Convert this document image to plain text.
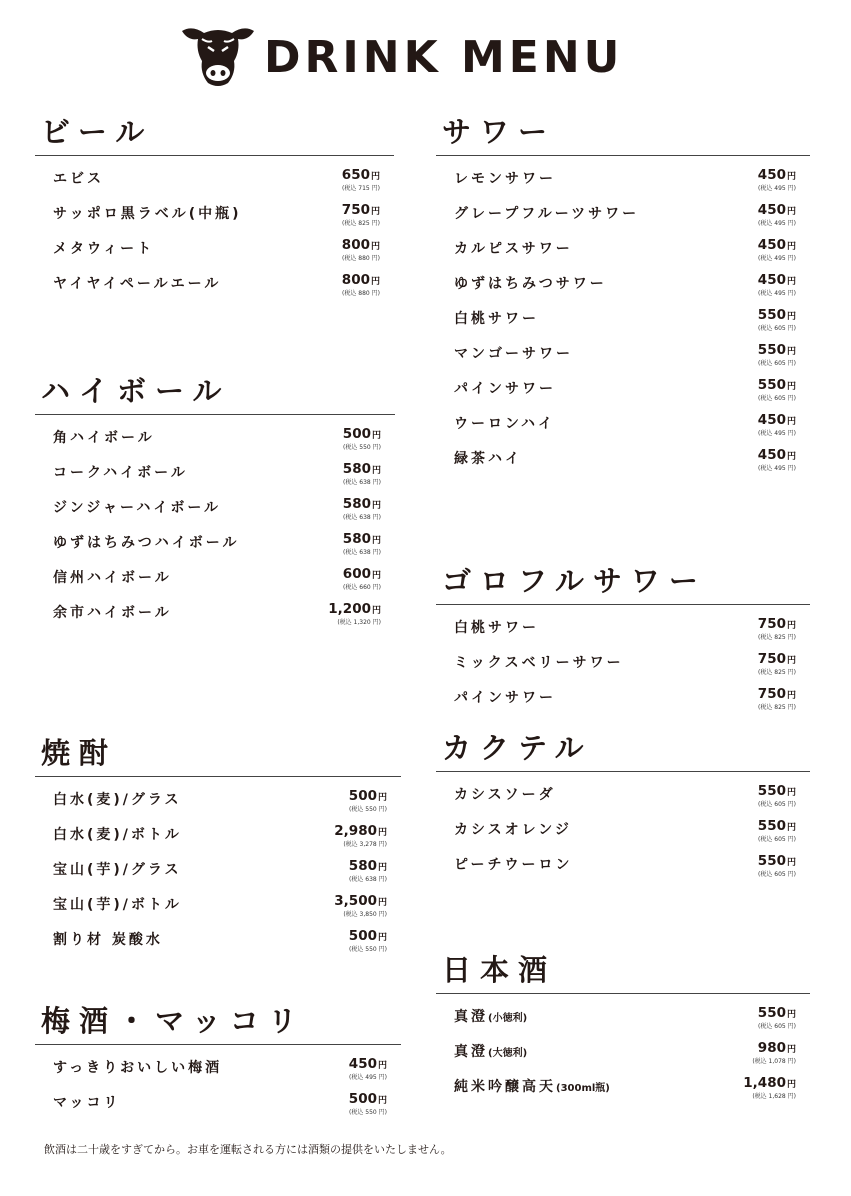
DRINK MENU
ビール
エビス	650円
(税込 715 円)
サッポロ黒ラベル(中瓶)	750円
(税込 825 円)
メタウィート	800円
(税込 880 円)
ヤイヤイペールエール	800円
(税込 880 円)
ハイボール
角ハイボール	500円
(税込 550 円)
コークハイボール	580円
(税込 638 円)
ジンジャーハイボール	580円
(税込 638 円)
ゆずはちみつハイボール	580円
(税込 638 円)
信州ハイボール	600円
(税込 660 円)
余市ハイボール	1,200円
(税込 1,320 円)
焼酎
白水(麦)/グラス	500円
(税込 550 円)
白水(麦)/ボトル	2,980円
(税込 3,278 円)
宝山(芋)/グラス	580円
(税込 638 円)
宝山(芋)/ボトル	3,500円
(税込 3,850 円)
割り材 炭酸水	500円
(税込 550 円)
梅酒・マッコリ
すっきりおいしい梅酒	450円
(税込 495 円)
マッコリ	500円
(税込 550 円)
サワー
レモンサワー	450円
(税込 495 円)
グレープフルーツサワー	450円
(税込 495 円)
カルピスサワー	450円
(税込 495 円)
ゆずはちみつサワー	450円
(税込 495 円)
白桃サワー	550円
(税込 605 円)
マンゴーサワー	550円
(税込 605 円)
パインサワー	550円
(税込 605 円)
ウーロンハイ	450円
(税込 495 円)
緑茶ハイ	450円
(税込 495 円)
ゴロフルサワー
白桃サワー	750円
(税込 825 円)
ミックスベリーサワー	750円
(税込 825 円)
パインサワー	750円
(税込 825 円)
カクテル
カシスソーダ	550円
(税込 605 円)
カシスオレンジ	550円
(税込 605 円)
ピーチウーロン	550円
(税込 605 円)
日本酒
真澄(小徳利)	550円
(税込 605 円)
真澄(大徳利)	980円
(税込 1,078 円)
純米吟醸高天(300ml瓶)	1,480円
(税込 1,628 円)
飲酒は二十歳をすぎてから。お車を運転される方には酒類の提供をいたしません。
